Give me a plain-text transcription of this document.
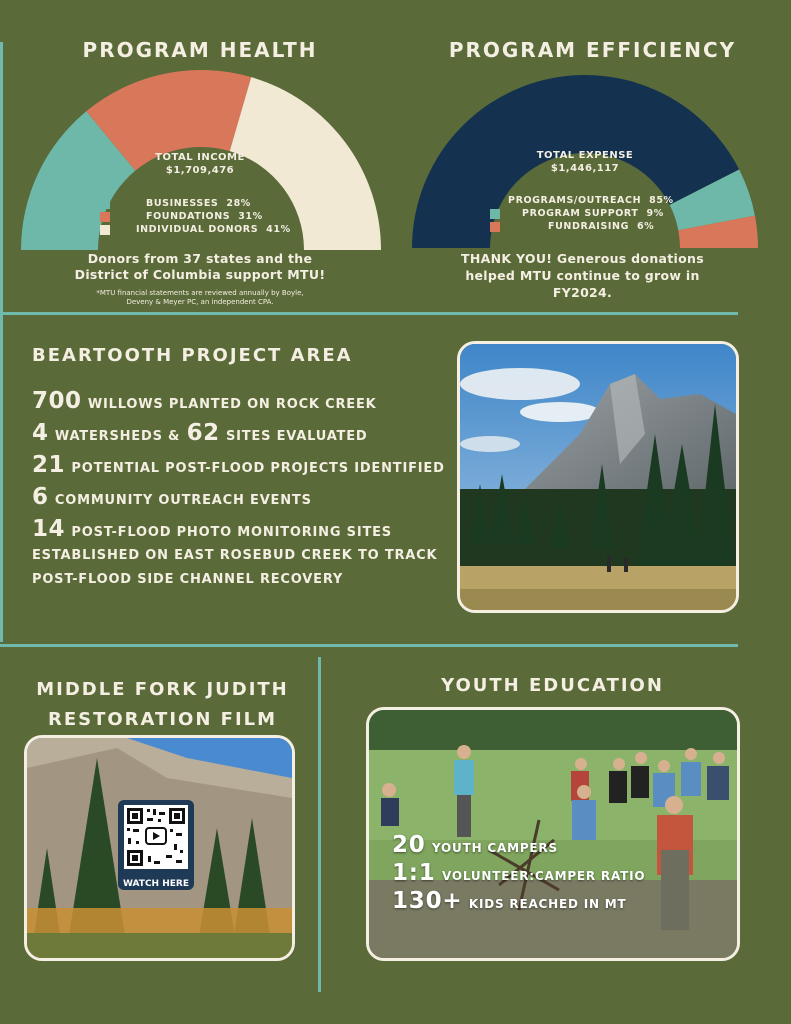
PROGRAM HEALTH
TOTAL INCOME
$1,709,476
BUSINESSES 28%
FOUNDATIONS 31%
INDIVIDUAL DONORS 41%
Donors from 37 states and the District of Columbia support MTU!
*MTU financial statements are reviewed annually by Boyle, Deveny & Meyer PC, an independent CPA.
PROGRAM EFFICIENCY
TOTAL EXPENSE
$1,446,117
PROGRAMS/OUTREACH 85%
PROGRAM SUPPORT 9%
FUNDRAISING 6%
THANK YOU! Generous donations helped MTU continue to grow in FY2024.
BEARTOOTH PROJECT AREA
700 WILLOWS PLANTED ON ROCK CREEK
4 WATERSHEDS & 62 SITES EVALUATED
21 POTENTIAL POST-FLOOD PROJECTS IDENTIFIED
6 COMMUNITY OUTREACH EVENTS
14 POST-FLOOD PHOTO MONITORING SITES
ESTABLISHED ON EAST ROSEBUD CREEK TO TRACK
POST-FLOOD SIDE CHANNEL RECOVERY
MIDDLE FORK JUDITH
RESTORATION FILM
WATCH HERE
YOUTH EDUCATION
20 YOUTH CAMPERS
1:1 VOLUNTEER:CAMPER RATIO
130+ KIDS REACHED IN MT
